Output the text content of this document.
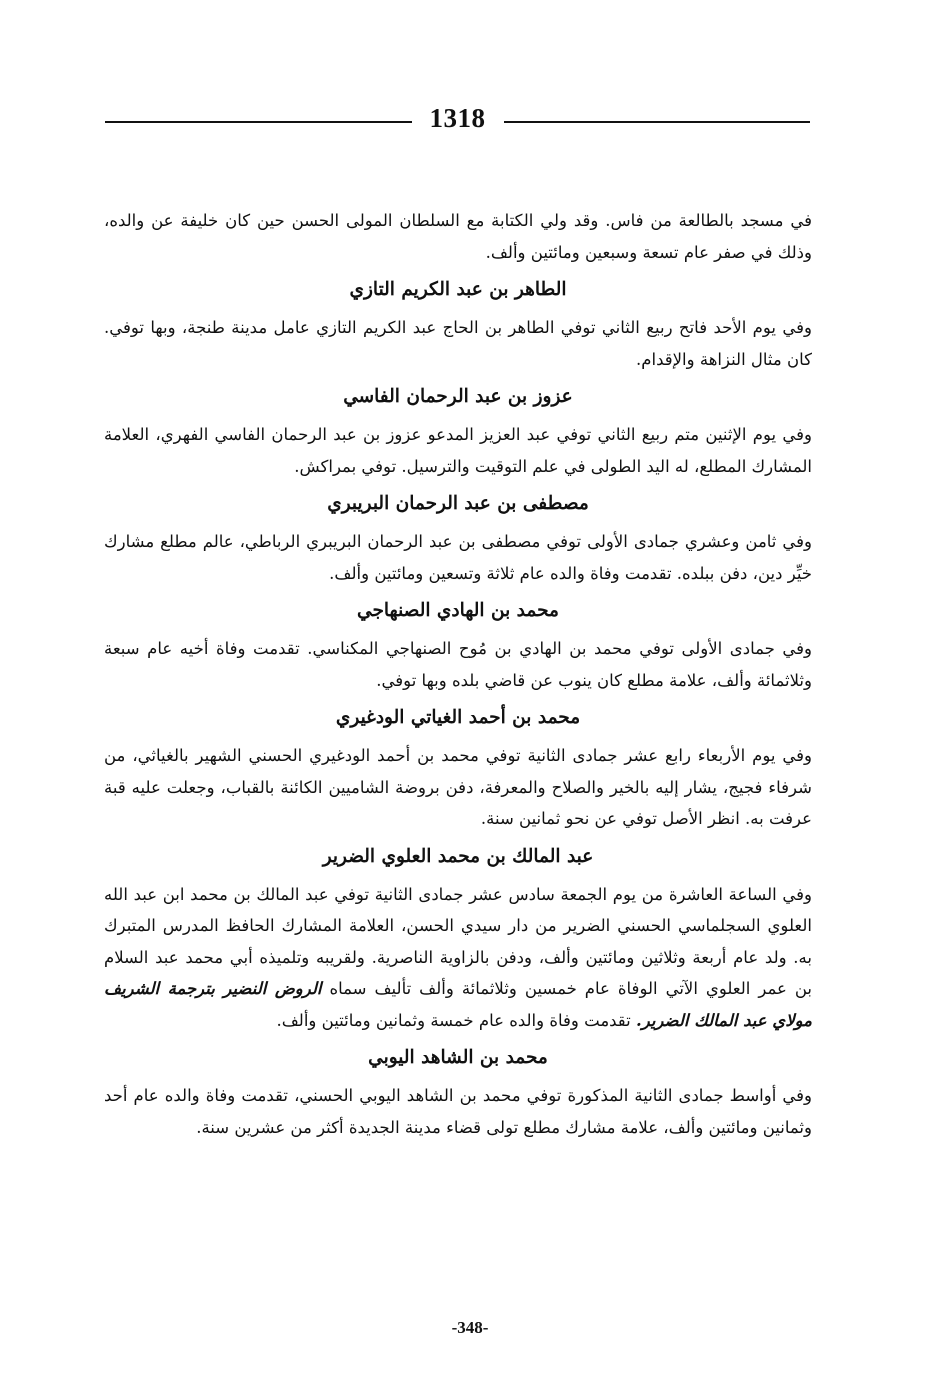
1318

في مسجد بالطالعة من فاس. وقد ولي الكتابة مع السلطان المولى الحسن حين كان خليفة عن والده، وذلك في صفر عام تسعة وسبعين ومائتين وألف.

الطاهر بن عبد الكريم التازي

وفي يوم الأحد فاتح ربيع الثاني توفي الطاهر بن الحاج عبد الكريم التازي عامل مدينة طنجة، وبها توفي. كان مثال النزاهة والإقدام.

عزوز بن عبد الرحمان الفاسي

وفي يوم الإثنين متم ربيع الثاني توفي عبد العزيز المدعو عزوز بن عبد الرحمان الفاسي الفهري، العلامة المشارك المطلع، له اليد الطولى في علم التوقيت والترسيل. توفي بمراكش.

مصطفى بن عبد الرحمان البريبري

وفي ثامن وعشري جمادى الأولى توفي مصطفى بن عبد الرحمان البريبري الرباطي، عالم مطلع مشارك خيِّر دين، دفن ببلده. تقدمت وفاة والده عام ثلاثة وتسعين ومائتين وألف.

محمد بن الهادي الصنهاجي

وفي جمادى الأولى توفي محمد بن الهادي بن مُوح الصنهاجي المكناسي. تقدمت وفاة أخيه عام سبعة وثلاثمائة وألف، علامة مطلع كان ينوب عن قاضي بلده وبها توفي.

محمد بن أحمد الغياتي الودغيري

وفي يوم الأربعاء رابع عشر جمادى الثانية توفي محمد بن أحمد الودغيري الحسني الشهير بالغياثي، من شرفاء فجيج، يشار إليه بالخير والصلاح والمعرفة، دفن بروضة الشاميين الكائنة بالقباب، وجعلت عليه قبة عرفت به. انظر الأصل توفي عن نحو ثمانين سنة.

عبد المالك بن محمد العلوي الضرير

وفي الساعة العاشرة من يوم الجمعة سادس عشر جمادى الثانية توفي عبد المالك بن محمد ابن عبد الله العلوي السجلماسي الحسني الضرير من دار سيدي الحسن، العلامة المشارك الحافظ المدرس المتبرك به. ولد عام أربعة وثلاثين ومائتين وألف، ودفن بالزاوية الناصرية. ولقريبه وتلميذه أبي محمد عبد السلام بن عمر العلوي الآتي الوفاة عام خمسين وثلاثمائة وألف تأليف سماه الروض النضير بترجمة الشريف مولاي عبد المالك الضرير. تقدمت وفاة والده عام خمسة وثمانين ومائتين وألف.

محمد بن الشاهد اليوبي

وفي أواسط جمادى الثانية المذكورة توفي محمد بن الشاهد اليوبي الحسني، تقدمت وفاة والده عام أحد وثمانين ومائتين وألف، علامة مشارك مطلع تولى قضاء مدينة الجديدة أكثر من عشرين سنة.

-348-
